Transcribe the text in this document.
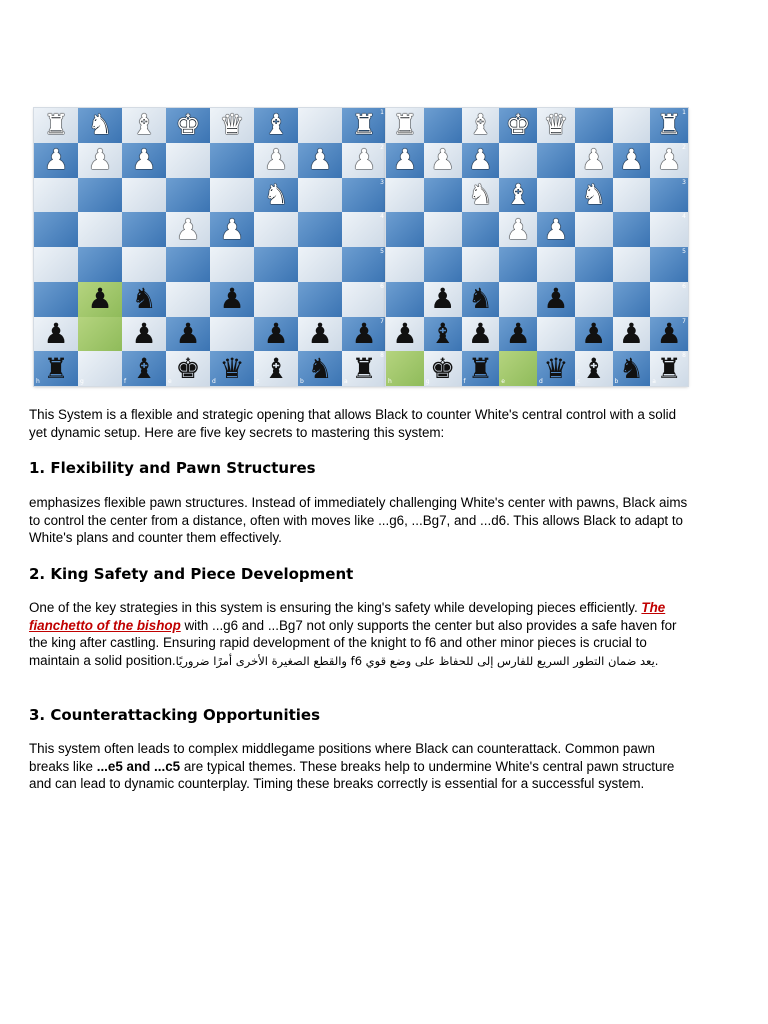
♜ ♞ ♝ ♚ ♛ ♝ ♜ 1
♟ ♟ ♟	♟ ♟ ♟ 2
♞	3
♟ ♟	4
5
♟ ♞ ♟	6
♟ ♟ ♟ ♟ ♟ ♟ 7
♜
h	g ♝
f ♚
e ♛
d ♝
c ♞
b ♜ 8
a
♜ ♝ ♚ ♛	♜ 1
♟ ♟ ♟	♟ ♟ ♟ 2
♞ ♝ ♞	3
♟ ♟	4
5
♟ ♞ ♟	6
♟ ♝ ♟ ♟ ♟ ♟ ♟ 7
h ♚
g ♜
f	e ♛
d ♝
c ♞
b ♜ 8
a
This System is a flexible and strategic opening that allows Black to counter White's central control with a solid yet dynamic setup. Here are five key secrets to mastering this system:
1. Flexibility and Pawn Structures
emphasizes flexible pawn structures. Instead of immediately challenging White's center with pawns, Black aims to control the center from a distance, often with moves like ...g6, ...Bg7, and ...d6. This allows Black to adapt to White's plans and counter them effectively.
2. King Safety and Piece Development
One of the key strategies in this system is ensuring the king's safety while developing pieces efficiently. The fianchetto of the bishop with ...g6 and ...Bg7 not only supports the center but also provides a safe haven for the king after castling. Ensuring rapid development of the knight to f6 and other minor pieces is crucial to maintain a solid position.والقطع الصغيرة الأخرى أمرًا ضروريًا f6 يعد ضمان التطور السريع للفارس إلى للحفاظ على وضع قوي.
3. Counterattacking Opportunities
This system often leads to complex middlegame positions where Black can counterattack. Common pawn breaks like ...e5 and ...c5 are typical themes. These breaks help to undermine White's central pawn structure and can lead to dynamic counterplay. Timing these breaks correctly is essential for a successful system.
